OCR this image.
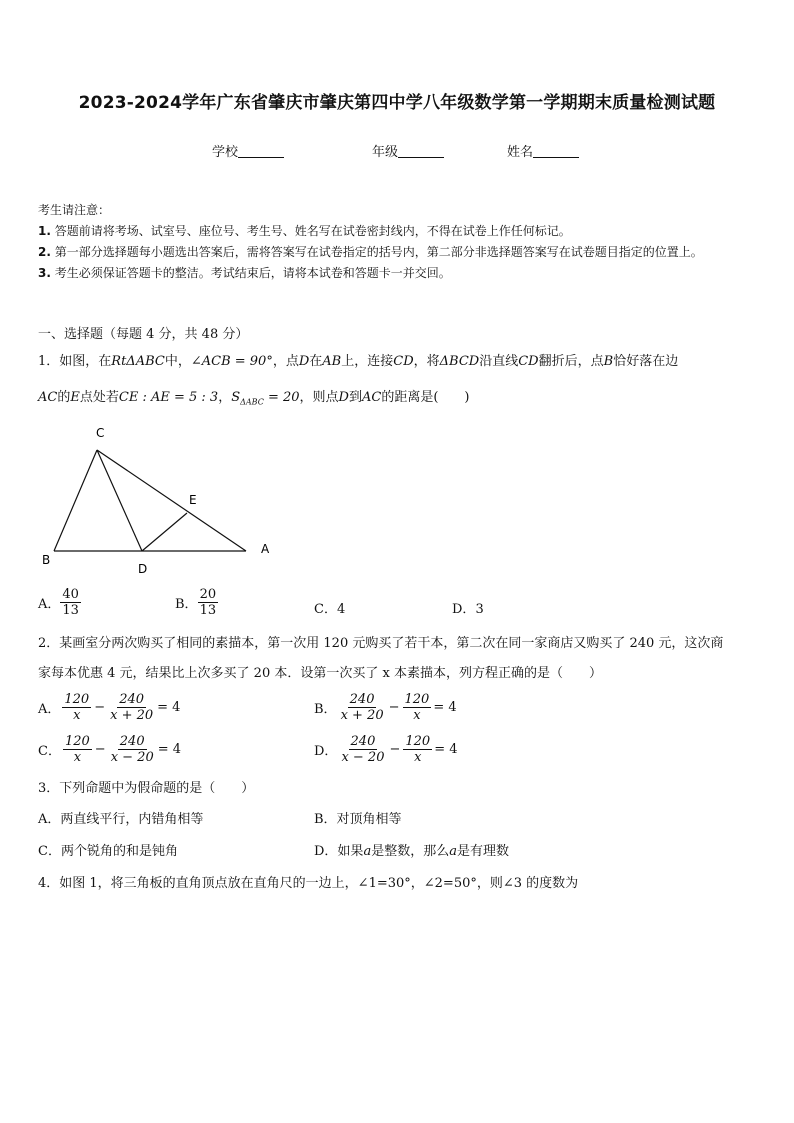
2023-2024学年广东省肇庆市肇庆第四中学八年级数学第一学期期末质量检测试题
学校	年级	姓名
考生请注意：
1. 答题前请将考场、试室号、座位号、考生号、姓名写在试卷密封线内，不得在试卷上作任何标记。
2. 第一部分选择题每小题选出答案后，需将答案写在试卷指定的括号内，第二部分非选择题答案写在试卷题目指定的位置上。
3. 考生必须保证答题卡的整洁。考试结束后，请将本试卷和答题卡一并交回。
一、选择题（每题 4 分，共 48 分）
1．如图，在RtΔABC中，∠ACB = 90°，点D在AB上，连接CD，将ΔBCD沿直线CD翻折后，点B恰好落在边
AC的E点处若CE : AE = 5 : 3，$S_{\Delta ABC} = 20$，则点D到AC的距离是(　　)
C
E
A
B
D
A． $\frac{40}{13}$	B． $\frac{20}{13}$	C．4	D．3
2．某画室分两次购买了相同的素描本，第一次用 120 元购买了若干本，第二次在同一家商店又购买了 240 元，这次商
家每本优惠 4 元，结果比上次多买了 20 本．设第一次买了 x 本素描本，列方程正确的是（　　）
A． $\frac{120}{x} - \frac{240}{x + 20} = 4$	B． $\frac{240}{x + 20} - \frac{120}{x} = 4$
C． $\frac{120}{x} - \frac{240}{x - 20} = 4$	D． $\frac{240}{x - 20} - \frac{120}{x} = 4$
3．下列命题中为假命题的是（　　）
A．两直线平行，内错角相等	B．对顶角相等
C．两个锐角的和是钝角	D．如果a是整数，那么a是有理数
4．如图 1，将三角板的直角顶点放在直角尺的一边上，∠1=30°，∠2=50°，则∠3 的度数为
